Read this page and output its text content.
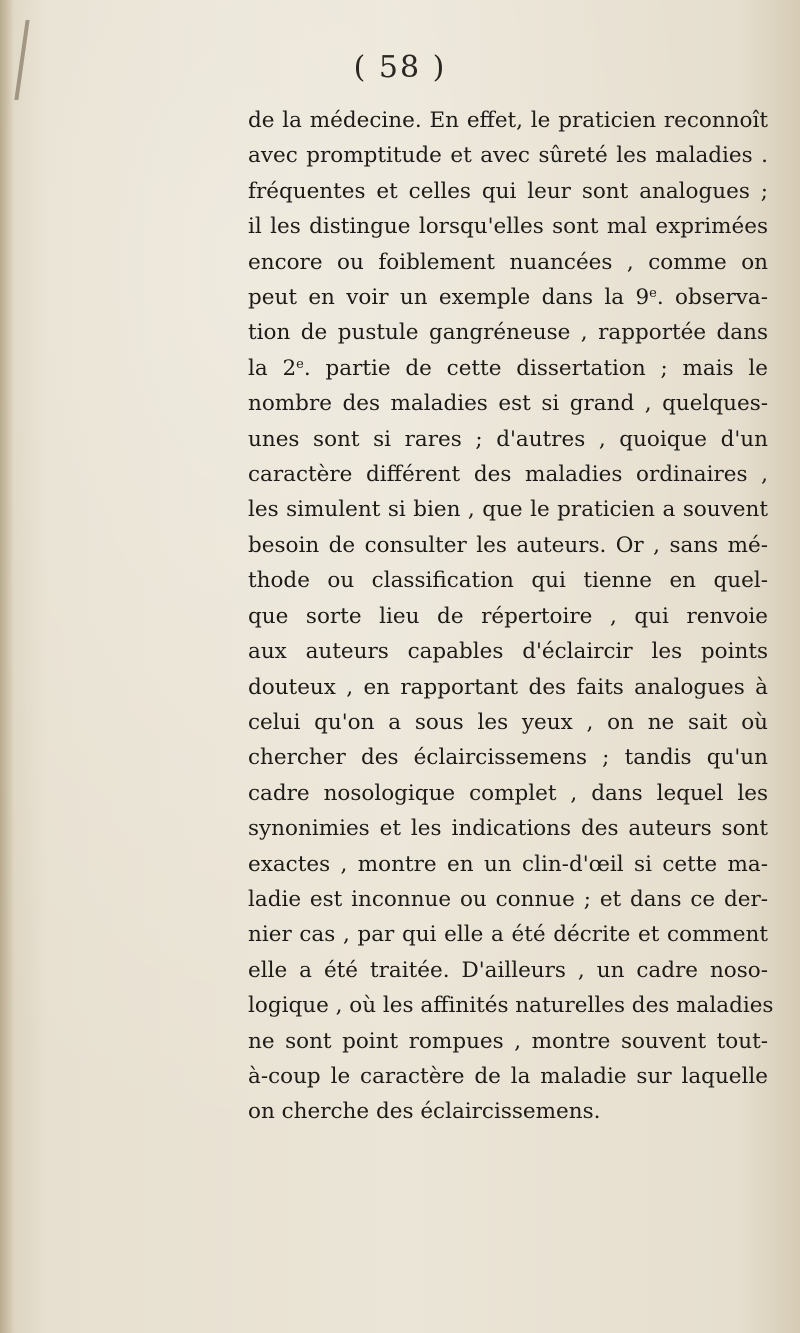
( 58 )
de la médecine. En effet, le praticien reconnoît
avec promptitude et avec sûreté les maladies .
fréquentes et celles qui leur sont analogues ;
il les distingue lorsqu'elles sont mal exprimées
encore ou foiblement nuancées , comme on
peut en voir un exemple dans la 9e. observa-
tion de pustule gangréneuse , rapportée dans
la 2e. partie de cette dissertation ; mais le
nombre des maladies est si grand , quelques-
unes sont si rares ; d'autres , quoique d'un
caractère différent des maladies ordinaires ,
les simulent si bien , que le praticien a souvent
besoin de consulter les auteurs. Or , sans mé-
thode ou classification qui tienne en quel-
que sorte lieu de répertoire , qui renvoie
aux auteurs capables d'éclaircir les points
douteux , en rapportant des faits analogues à
celui qu'on a sous les yeux , on ne sait où
chercher des éclaircissemens ; tandis qu'un
cadre nosologique complet , dans lequel les
synonimies et les indications des auteurs sont
exactes , montre en un clin-d'œil si cette ma-
ladie est inconnue ou connue ; et dans ce der-
nier cas , par qui elle a été décrite et comment
elle a été traitée. D'ailleurs , un cadre noso-
logique , où les affinités naturelles des maladies
ne sont point rompues , montre souvent tout-
à-coup le caractère de la maladie sur laquelle
on cherche des éclaircissemens.
